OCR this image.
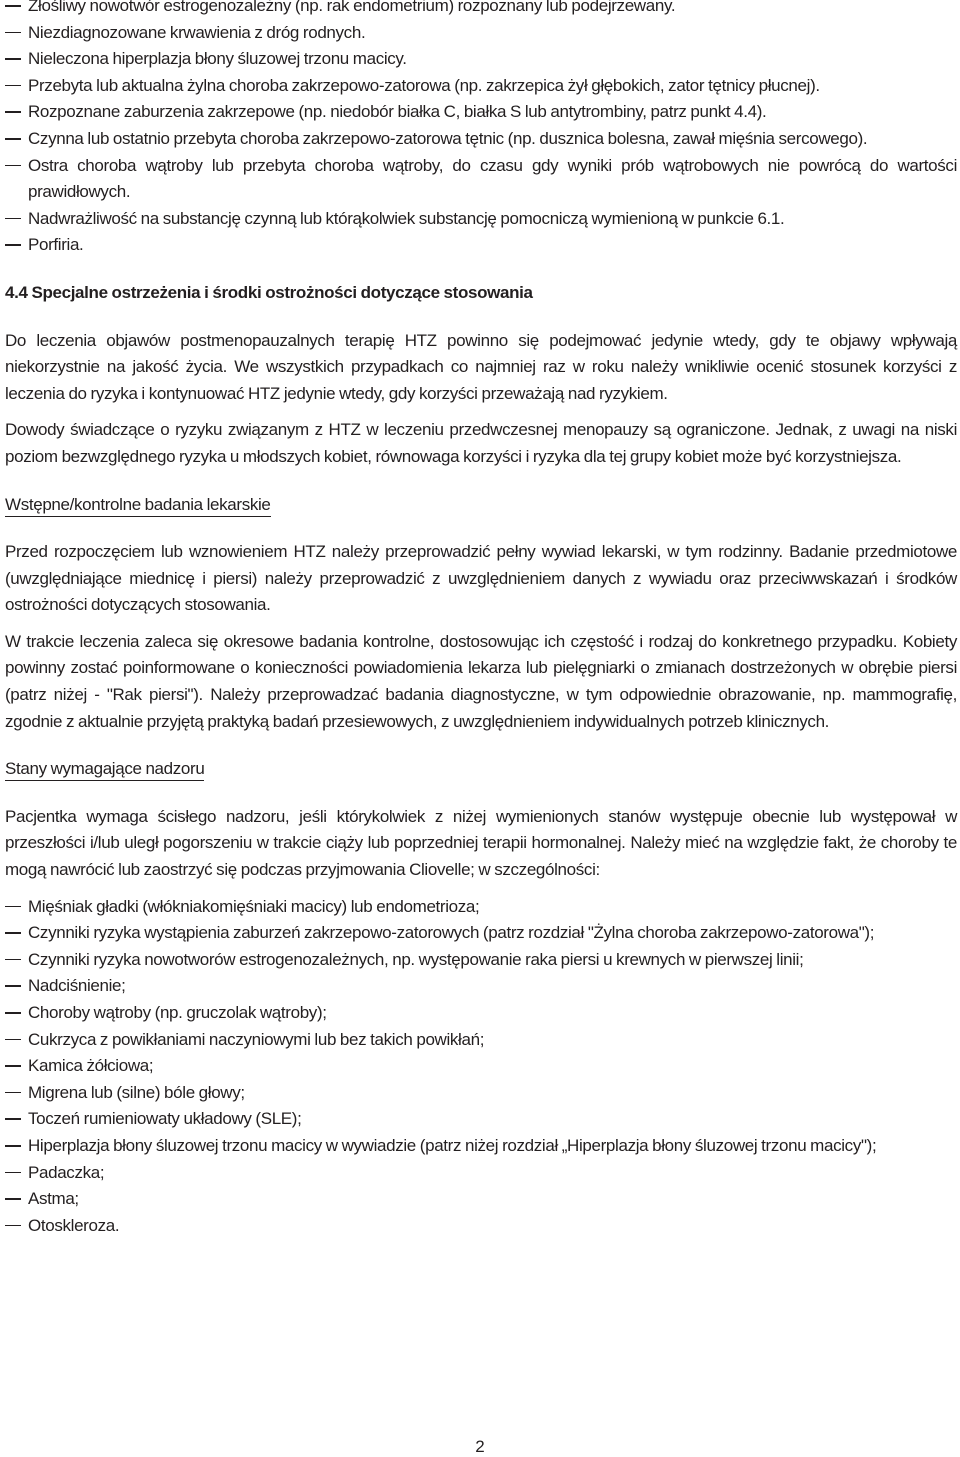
Złośliwy nowotwór estrogenozależny (np. rak endometrium) rozpoznany lub podejrzewany.
Niezdiagnozowane krwawienia z dróg rodnych.
Nieleczona hiperplazja błony śluzowej trzonu macicy.
Przebyta lub aktualna żylna choroba zakrzepowo-zatorowa (np. zakrzepica żył głębokich, zator tętnicy płucnej).
Rozpoznane zaburzenia zakrzepowe (np. niedobór białka C, białka S lub antytrombiny, patrz punkt 4.4).
Czynna lub ostatnio przebyta choroba zakrzepowo-zatorowa tętnic (np. dusznica bolesna, zawał mięśnia sercowego).
Ostra choroba wątroby lub przebyta choroba wątroby, do czasu gdy wyniki prób wątrobowych nie powrócą do wartości prawidłowych.
Nadwrażliwość na substancję czynną lub którąkolwiek substancję pomocniczą wymienioną w punkcie 6.1.
Porfiria.
4.4 Specjalne ostrzeżenia i środki ostrożności dotyczące stosowania

Do leczenia objawów postmenopauzalnych terapię HTZ powinno się podejmować jedynie wtedy, gdy te objawy wpływają niekorzystnie na jakość życia. We wszystkich przypadkach co najmniej raz w roku należy wnikliwie ocenić stosunek korzyści z leczenia do ryzyka i kontynuować HTZ jedynie wtedy, gdy korzyści przeważają nad ryzykiem.

Dowody świadczące o ryzyku związanym z HTZ w leczeniu przedwczesnej menopauzy są ograniczone. Jednak, z uwagi na niski poziom bezwzględnego ryzyka u młodszych kobiet, równowaga korzyści i ryzyka dla tej grupy kobiet może być korzystniejsza.

Wstępne/kontrolne badania lekarskie

Przed rozpoczęciem lub wznowieniem HTZ należy przeprowadzić pełny wywiad lekarski, w tym rodzinny. Badanie przedmiotowe (uwzględniające miednicę i piersi) należy przeprowadzić z uwzględnieniem danych z wywiadu oraz przeciwwskazań i środków ostrożności dotyczących stosowania.

W trakcie leczenia zaleca się okresowe badania kontrolne, dostosowując ich częstość i rodzaj do konkretnego przypadku. Kobiety powinny zostać poinformowane o konieczności powiadomienia lekarza lub pielęgniarki o zmianach dostrzeżonych w obrębie piersi (patrz niżej - "Rak piersi"). Należy przeprowadzać badania diagnostyczne, w tym odpowiednie obrazowanie, np. mammografię, zgodnie z aktualnie przyjętą praktyką badań przesiewowych, z uwzględnieniem indywidualnych potrzeb klinicznych.

Stany wymagające nadzoru

Pacjentka wymaga ścisłego nadzoru, jeśli którykolwiek z niżej wymienionych stanów występuje obecnie lub występował w przeszłości i/lub uległ pogorszeniu w trakcie ciąży lub poprzedniej terapii hormonalnej. Należy mieć na względzie fakt, że choroby te mogą nawrócić lub zaostrzyć się podczas przyjmowania Cliovelle; w szczególności:

Mięśniak gładki (włókniakomięśniaki macicy) lub endometrioza;
Czynniki ryzyka wystąpienia zaburzeń zakrzepowo-zatorowych (patrz rozdział "Żylna choroba zakrzepowo-zatorowa");
Czynniki ryzyka nowotworów estrogenozależnych, np. występowanie raka piersi u krewnych w pierwszej linii;
Nadciśnienie;
Choroby wątroby (np. gruczolak wątroby);
Cukrzyca z powikłaniami naczyniowymi lub bez takich powikłań;
Kamica żółciowa;
Migrena lub (silne) bóle głowy;
Toczeń rumieniowaty układowy (SLE);
Hiperplazja błony śluzowej trzonu macicy w wywiadzie (patrz niżej rozdział „Hiperplazja błony śluzowej trzonu macicy");
Padaczka;
Astma;
Otoskleroza.
2
